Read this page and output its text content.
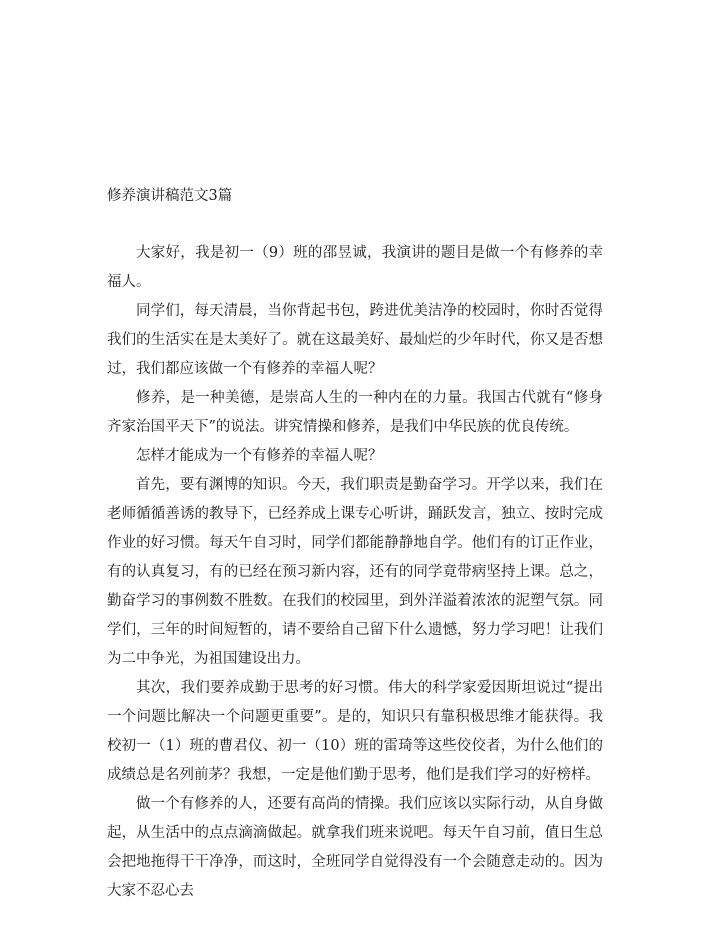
修养演讲稿范文3篇

大家好，我是初一（9）班的邵昱诚，我演讲的题目是做一个有修养的幸福人。

同学们，每天清晨，当你背起书包，跨进优美洁净的校园时，你时否觉得我们的生活实在是太美好了。就在这最美好、最灿烂的少年时代，你又是否想过，我们都应该做一个有修养的幸福人呢？

修养，是一种美德，是崇高人生的一种内在的力量。我国古代就有“修身齐家治国平天下”的说法。讲究情操和修养，是我们中华民族的优良传统。

怎样才能成为一个有修养的幸福人呢？

首先，要有渊博的知识。今天，我们职责是勤奋学习。开学以来，我们在老师循循善诱的教导下，已经养成上课专心听讲，踊跃发言，独立、按时完成作业的好习惯。每天午自习时，同学们都能静静地自学。他们有的订正作业，有的认真复习，有的已经在预习新内容，还有的同学竟带病坚持上课。总之，勤奋学习的事例数不胜数。在我们的校园里，到外洋溢着浓浓的泥塑气氛。同学们，三年的时间短暂的，请不要给自己留下什么遗憾，努力学习吧！让我们为二中争光，为祖国建设出力。

其次，我们要养成勤于思考的好习惯。伟大的科学家爱因斯坦说过“提出一个问题比解决一个问题更重要”。是的，知识只有靠积极思维才能获得。我校初一（1）班的曹君仪、初一（10）班的雷琦等这些佼佼者，为什么他们的成绩总是名列前茅？我想，一定是他们勤于思考，他们是我们学习的好榜样。

做一个有修养的人，还要有高尚的情操。我们应该以实际行动，从自身做起，从生活中的点点滴滴做起。就拿我们班来说吧。每天午自习前，值日生总会把地拖得干干净净，而这时，全班同学自觉得没有一个会随意走动的。因为大家不忍心去
